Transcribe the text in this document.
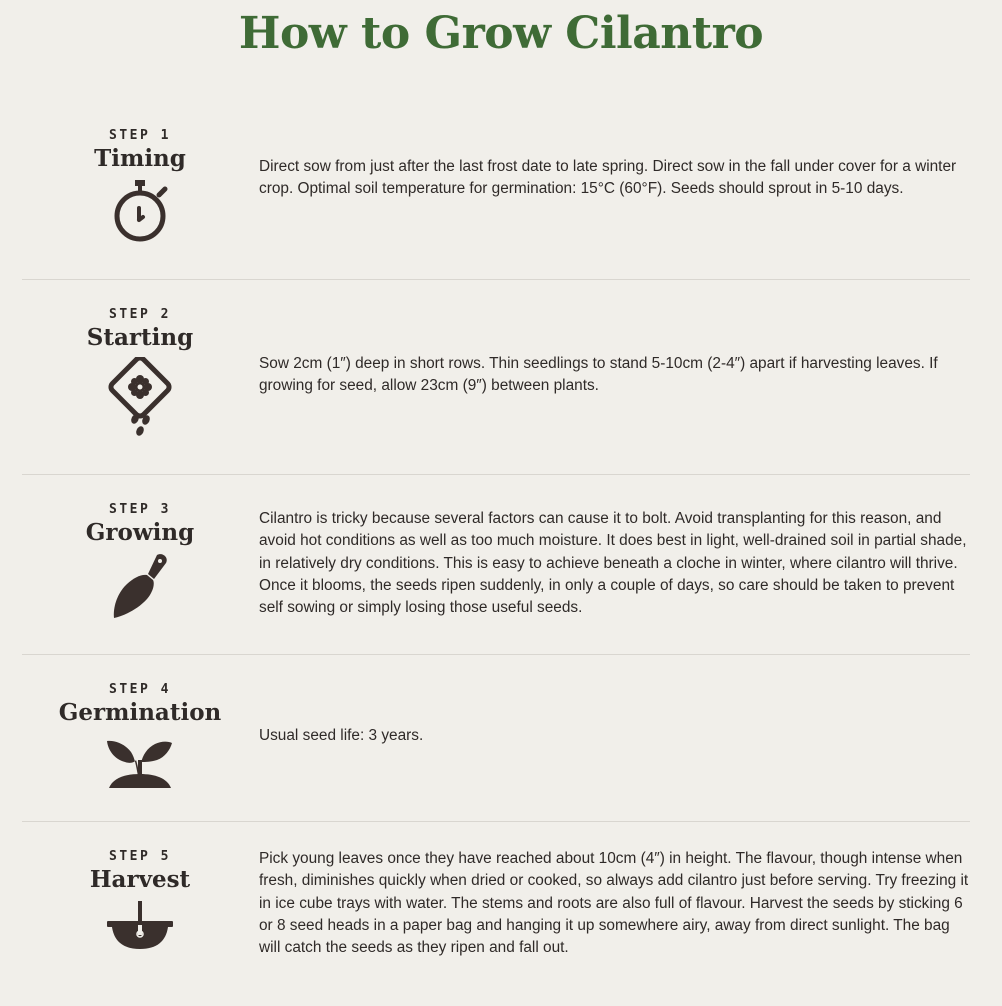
How to Grow Cilantro
STEP 1
Timing	Direct sow from just after the last frost date to late spring. Direct sow in the fall under cover for a winter crop. Optimal soil temperature for germination: 15°C (60°F). Seeds should sprout in 5-10 days.

STEP 2
Starting

Sow 2cm (1″) deep in short rows. Thin seedlings to stand 5-10cm (2-4″) apart if harvesting leaves. If growing for seed, allow 23cm (9″) between plants.

STEP 3
Growing

Cilantro is tricky because several factors can cause it to bolt. Avoid transplanting for this reason, and avoid hot conditions as well as too much moisture. It does best in light, well-drained soil in partial shade, in relatively dry conditions. This is easy to achieve beneath a cloche in winter, where cilantro will thrive. Once it blooms, the seeds ripen suddenly, in only a couple of days, so care should be taken to prevent self sowing or simply losing those useful seeds.

STEP 4
Germination

Usual seed life: 3 years.

STEP 5
Harvest

Pick young leaves once they have reached about 10cm (4″) in height. The flavour, though intense when fresh, diminishes quickly when dried or cooked, so always add cilantro just before serving. Try freezing it in ice cube trays with water. The stems and roots are also full of flavour. Harvest the seeds by sticking 6 or 8 seed heads in a paper bag and hanging it up somewhere airy, away from direct sunlight. The bag will catch the seeds as they ripen and fall out.
